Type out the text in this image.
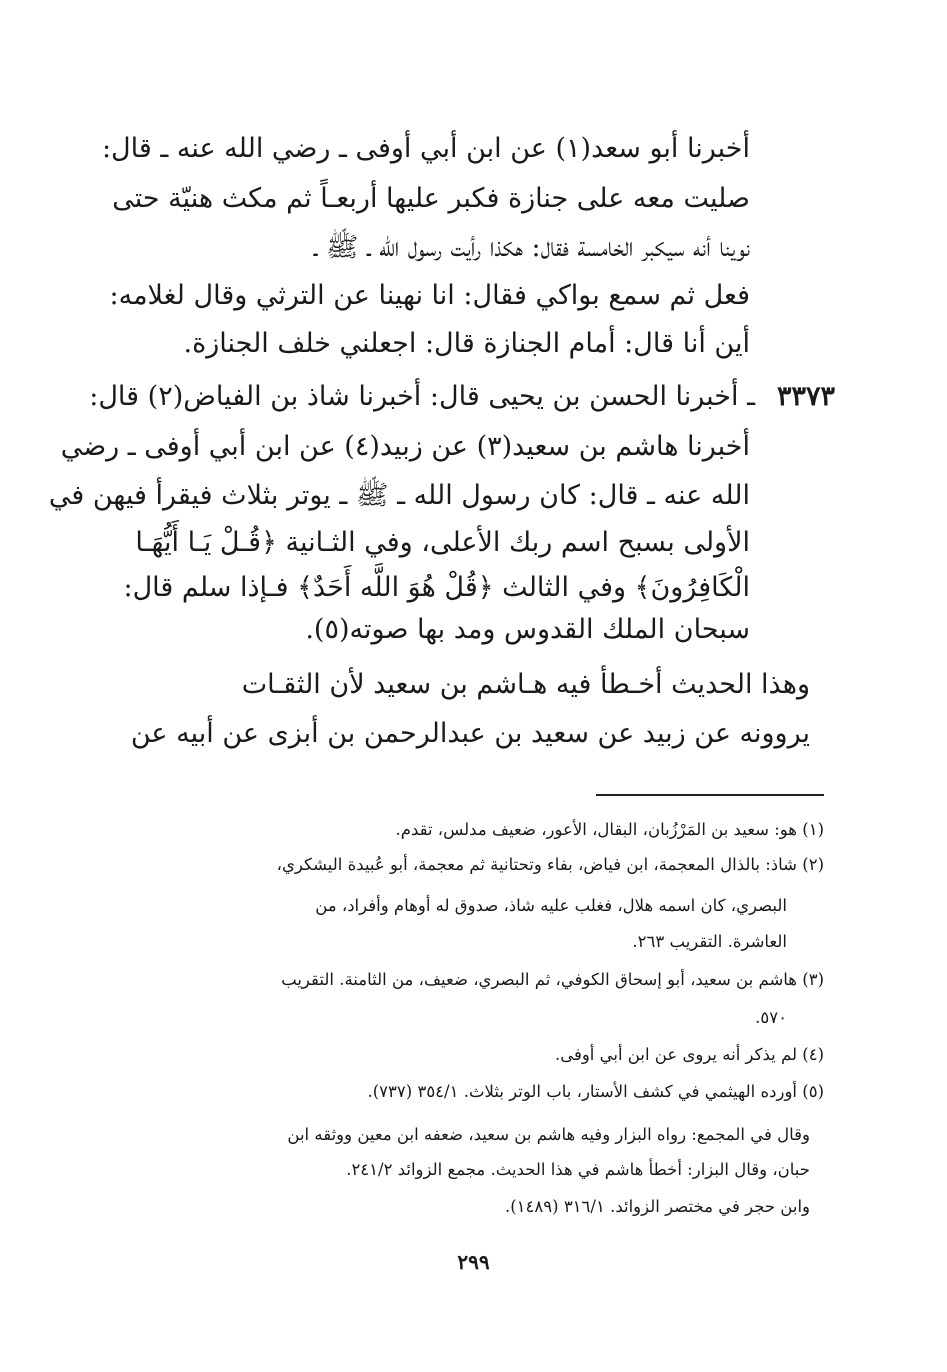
أخبرنا أبو سعد(١) عن ابن أبي أوفى ـ رضي الله عنه ـ قال:
صليت معه على جنازة فكبر عليها أربعـاً ثم مكث هنيّة حتى
نوينا أنه سيكبر الخامسة فقال: هكذا رأيت رسول الله ـ ﷺ ـ
فعل ثم سمع بواكي فقال: انا نهينا عن الترثي وقال لغلامه:
أين أنا قال: أمام الجنازة قال: اجعلني خلف الجنازة.
٣٣٧٣
ـ أخبرنا الحسن بن يحيى قال: أخبرنا شاذ بن الفياض(٢) قال:
أخبرنا هاشم بن سعيد(٣) عن زبيد(٤) عن ابن أبي أوفى ـ رضي
الله عنه ـ قال: كان رسول الله ـ ﷺ ـ يوتر بثلاث فيقرأ فيهن في
الأولى بسبح اسم ربك الأعلى، وفي الثـانية ﴿قُـلْ يَـا أَيُّهَـا
الْكَافِرُونَ﴾ وفي الثالث ﴿قُلْ هُوَ اللَّه أَحَدٌ﴾ فـإذا سلم قال:
سبحان الملك القدوس ومد بها صوته(٥).
وهذا الحديث أخـطأ فيه هـاشم بن سعيد لأن الثقـات
يروونه عن زبيد عن سعيد بن عبدالرحمن بن أبزى عن أبيه عن
(١) هو: سعيد بن المَرْزُبان، البقال، الأعور، ضعيف مدلس، تقدم.
(٢) شاذ: بالذال المعجمة، ابن فياض، بفاء وتحتانية ثم معجمة، أبو عُبيدة اليشكري،
البصري، كان اسمه هلال، فغلب عليه شاذ، صدوق له أوهام وأفراد، من
العاشرة. التقريب ٢٦٣.
(٣) هاشم بن سعيد، أبو إسحاق الكوفي، ثم البصري، ضعيف، من الثامنة. التقريب
٥٧٠.
(٤) لم يذكر أنه يروى عن ابن أبي أوفى.
(٥) أورده الهيثمي في كشف الأستار، باب الوتر بثلاث. ٣٥٤/١ (٧٣٧).
وقال في المجمع: رواه البزار وفيه هاشم بن سعيد، ضعفه ابن معين ووثقه ابن
حبان، وقال البزار: أخطأ هاشم في هذا الحديث. مجمع الزوائد ٢٤١/٢.
وابن حجر في مختصر الزوائد. ٣١٦/١ (١٤٨٩).
٢٩٩
